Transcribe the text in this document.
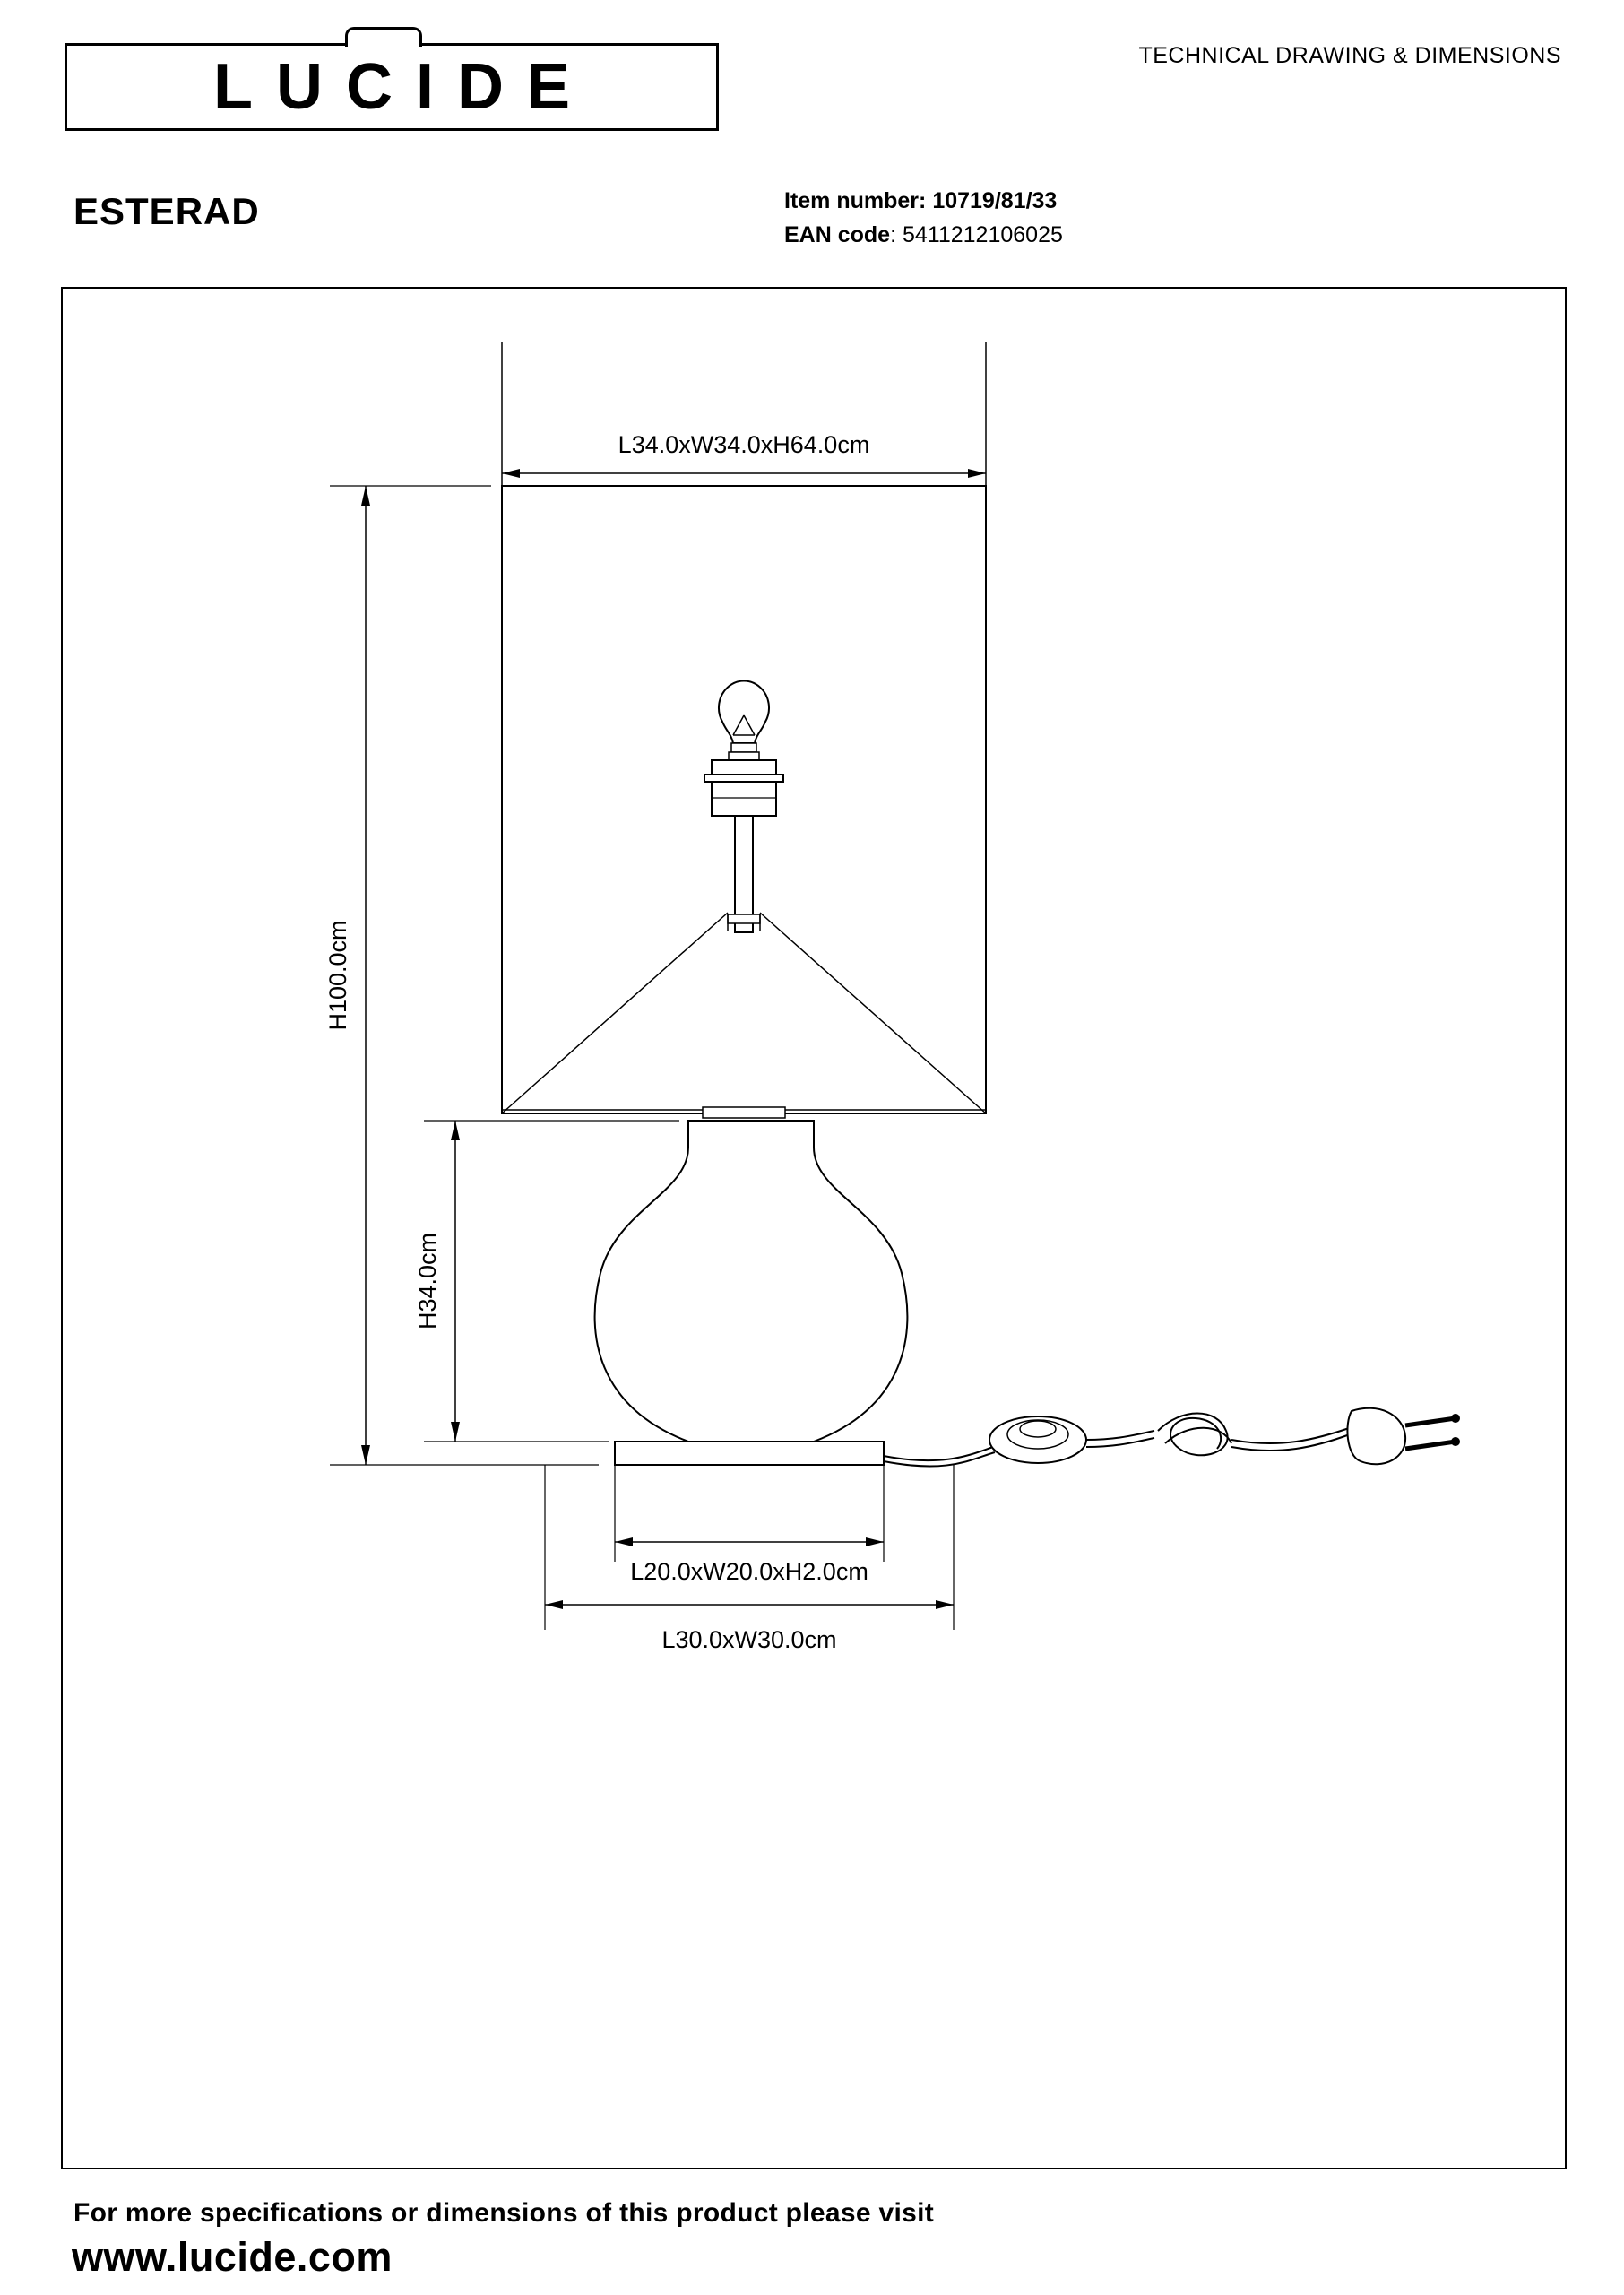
LUCIDE	TECHNICAL DRAWING & DIMENSIONS
ESTERAD	Item number: 10719/81/33
EAN code: 5411212106025
L34.0xW34.0xH64.0cm
H100.0cm
H34.0cm
L20.0xW20.0xH2.0cm
L30.0xW30.0cm
For more specifications or dimensions of this product please visit
www.lucide.com
